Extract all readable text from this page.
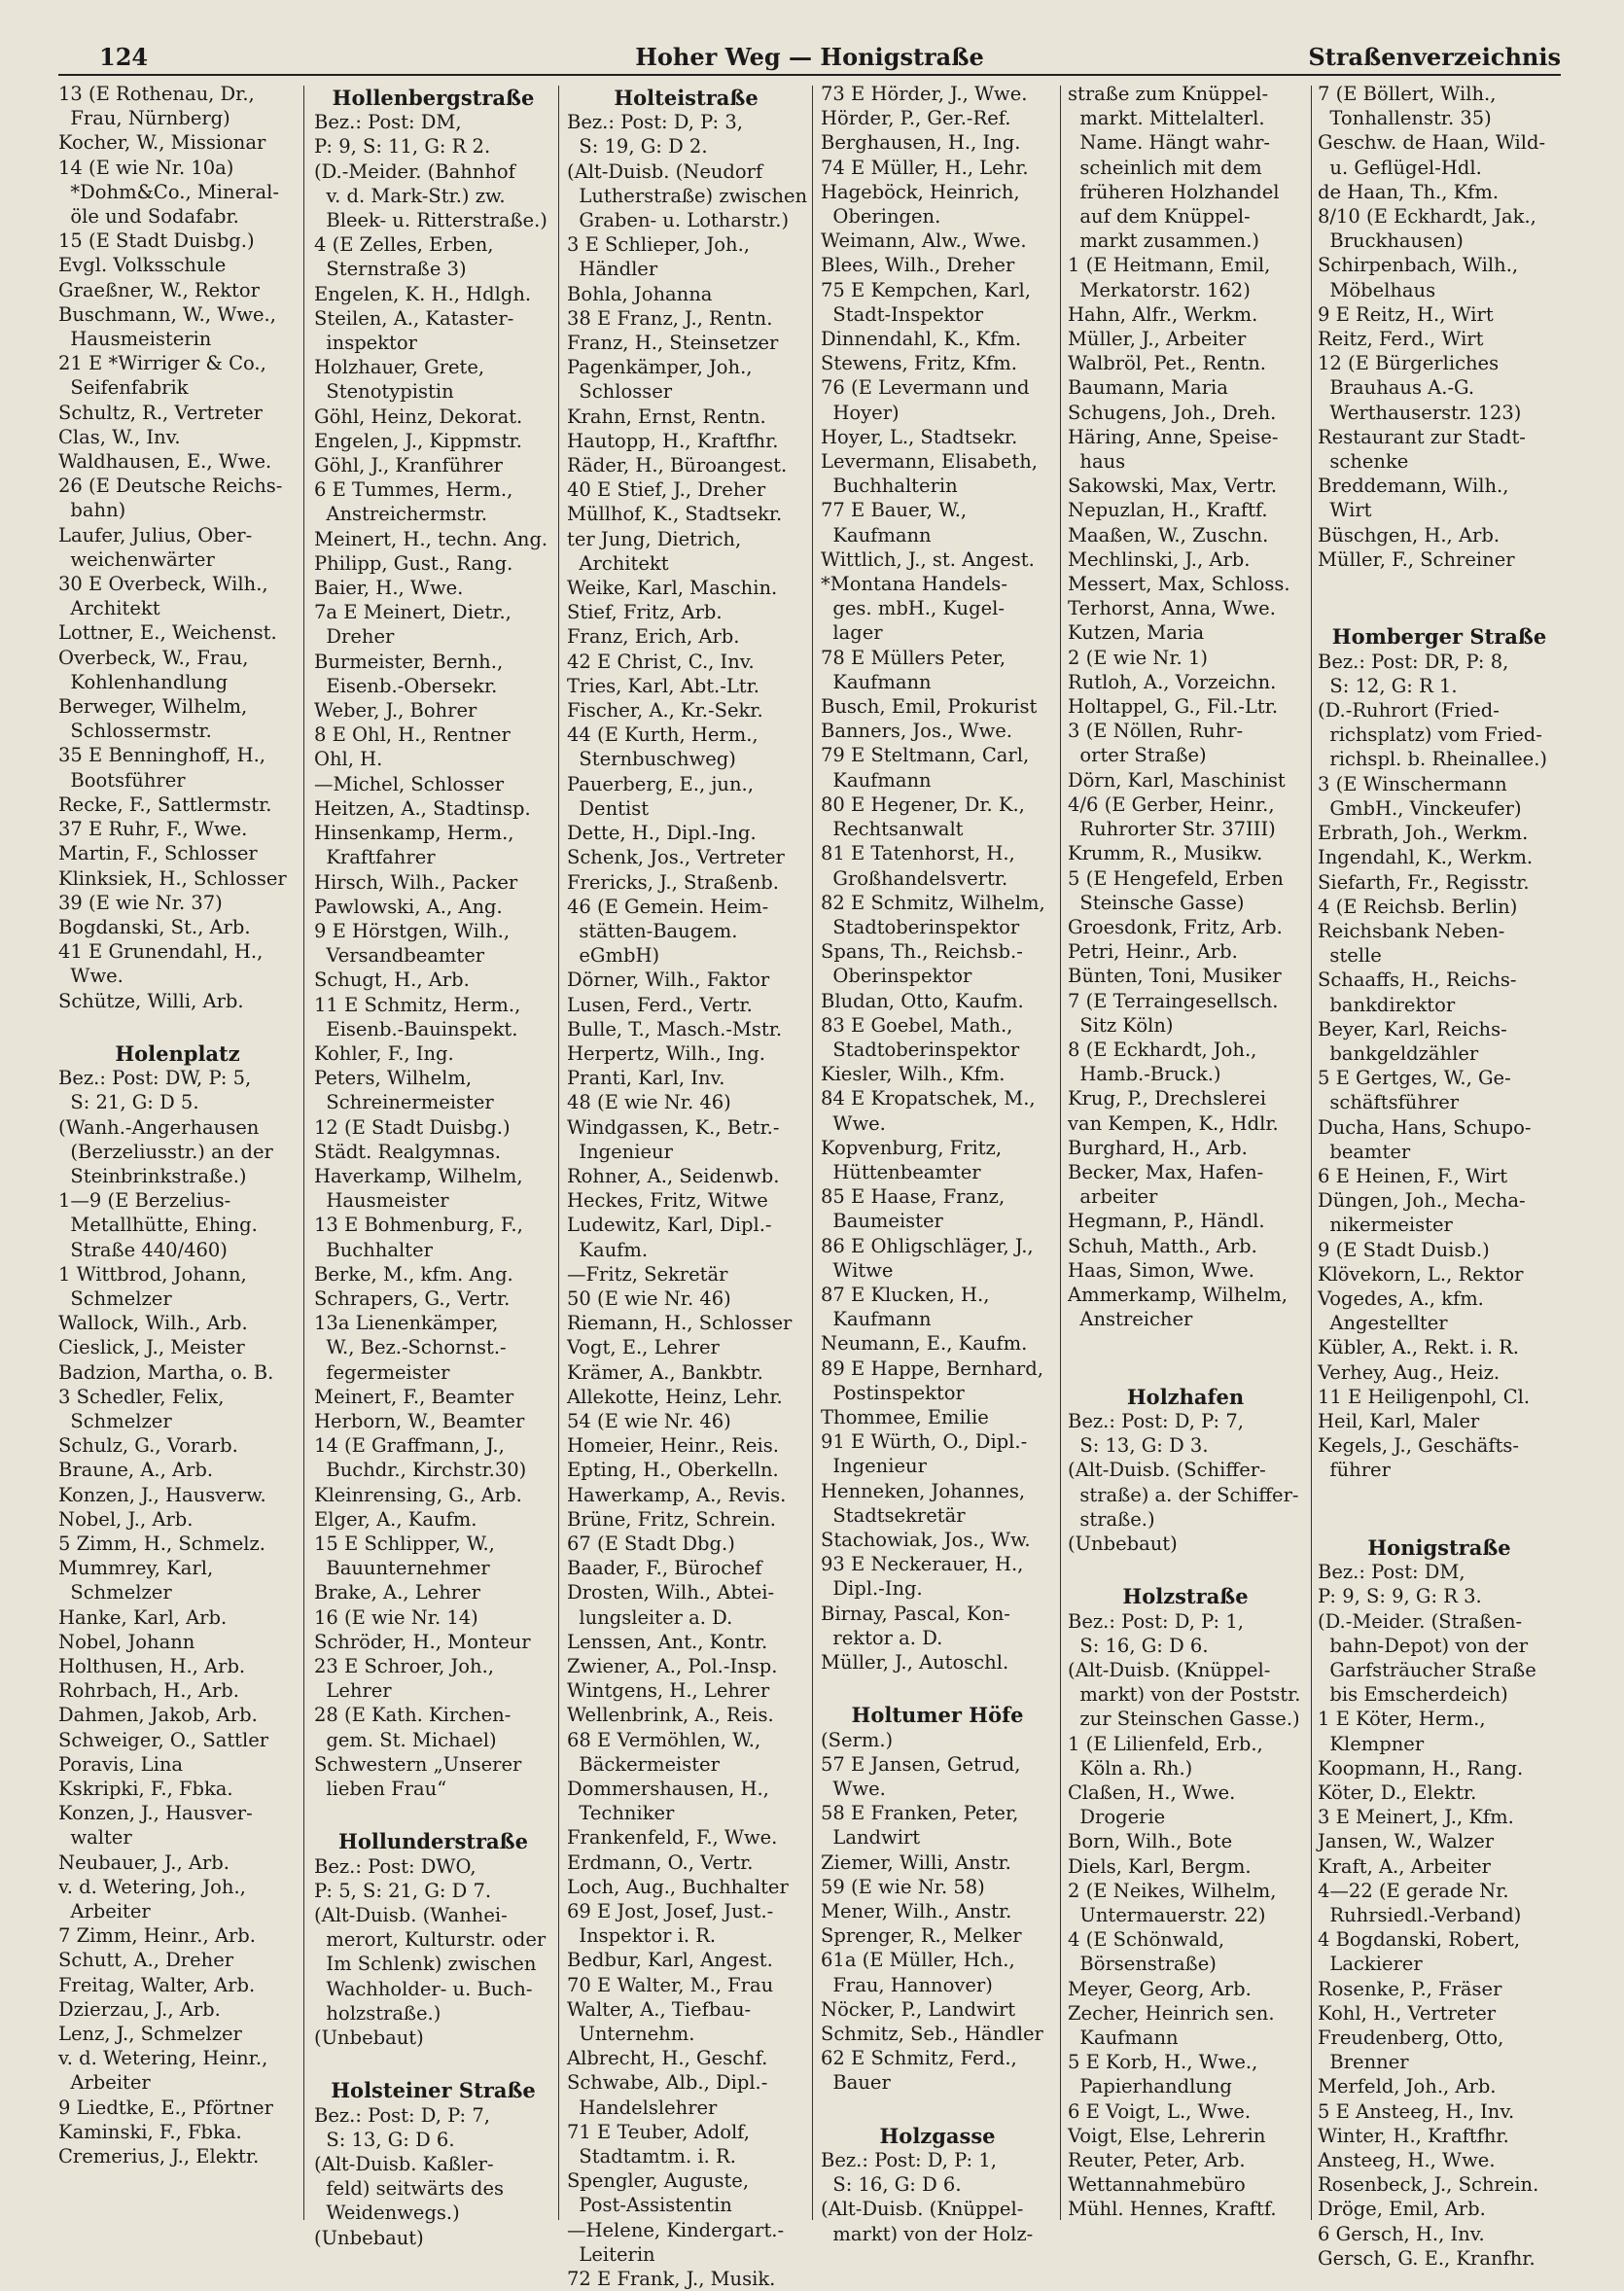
124	Hoher Weg — Honigstraße	Straßenverzeichnis
13 (E Rothenau, Dr.,
Frau, Nürnberg)
Kocher, W., Missionar
14 (E wie Nr. 10a)
*Dohm&Co., Mineral-
öle und Sodafabr.
15 (E Stadt Duisbg.)
Evgl. Volksschule
Graeßner, W., Rektor
Buschmann, W., Wwe.,
Hausmeisterin
21 E *Wirriger & Co.,
Seifenfabrik
Schultz, R., Vertreter
Clas, W., Inv.
Waldhausen, E., Wwe.
26 (E Deutsche Reichs-
bahn)
Laufer, Julius, Ober-
weichenwärter
30 E Overbeck, Wilh.,
Architekt
Lottner, E., Weichenst.
Overbeck, W., Frau,
Kohlenhandlung
Berweger, Wilhelm,
Schlossermstr.
35 E Benninghoff, H.,
Bootsführer
Recke, F., Sattlermstr.
37 E Ruhr, F., Wwe.
Martin, F., Schlosser
Klinksiek, H., Schlosser
39 (E wie Nr. 37)
Bogdanski, St., Arb.
41 E Grunendahl, H.,
Wwe.
Schütze, Willi, Arb.

Holenplatz
Bez.: Post: DW, P: 5,
S: 21, G: D 5.
(Wanh.-Angerhausen
(Berzeliusstr.) an der
Steinbrinkstraße.)
1—9 (E Berzelius-
Metallhütte, Ehing.
Straße 440/460)
1 Wittbrod, Johann,
Schmelzer
Wallock, Wilh., Arb.
Cieslick, J., Meister
Badzion, Martha, o. B.
3 Schedler, Felix,
Schmelzer
Schulz, G., Vorarb.
Braune, A., Arb.
Konzen, J., Hausverw.
Nobel, J., Arb.
5 Zimm, H., Schmelz.
Mummrey, Karl,
Schmelzer
Hanke, Karl, Arb.
Nobel, Johann
Holthusen, H., Arb.
Rohrbach, H., Arb.
Dahmen, Jakob, Arb.
Schweiger, O., Sattler
Poravis, Lina
Kskripki, F., Fbka.
Konzen, J., Hausver-
walter
Neubauer, J., Arb.
v. d. Wetering, Joh.,
Arbeiter
7 Zimm, Heinr., Arb.
Schutt, A., Dreher
Freitag, Walter, Arb.
Dzierzau, J., Arb.
Lenz, J., Schmelzer
v. d. Wetering, Heinr.,
Arbeiter
9 Liedtke, E., Pförtner
Kaminski, F., Fbka.
Cremerius, J., Elektr.
Hollenbergstraße
Bez.: Post: DM,
P: 9, S: 11, G: R 2.
(D.-Meider. (Bahnhof
v. d. Mark-Str.) zw.
Bleek- u. Ritterstraße.)
4 (E Zelles, Erben,
Sternstraße 3)
Engelen, K. H., Hdlgh.
Steilen, A., Kataster-
inspektor
Holzhauer, Grete,
Stenotypistin
Göhl, Heinz, Dekorat.
Engelen, J., Kippmstr.
Göhl, J., Kranführer
6 E Tummes, Herm.,
Anstreichermstr.
Meinert, H., techn. Ang.
Philipp, Gust., Rang.
Baier, H., Wwe.
7a E Meinert, Dietr.,
Dreher
Burmeister, Bernh.,
Eisenb.-Obersekr.
Weber, J., Bohrer
8 E Ohl, H., Rentner
Ohl, H.
—Michel, Schlosser
Heitzen, A., Stadtinsp.
Hinsenkamp, Herm.,
Kraftfahrer
Hirsch, Wilh., Packer
Pawlowski, A., Ang.
9 E Hörstgen, Wilh.,
Versandbeamter
Schugt, H., Arb.
11 E Schmitz, Herm.,
Eisenb.-Bauinspekt.
Kohler, F., Ing.
Peters, Wilhelm,
Schreinermeister
12 (E Stadt Duisbg.)
Städt. Realgymnas.
Haverkamp, Wilhelm,
Hausmeister
13 E Bohmenburg, F.,
Buchhalter
Berke, M., kfm. Ang.
Schrapers, G., Vertr.
13a Lienenkämper,
W., Bez.-Schornst.-
fegermeister
Meinert, F., Beamter
Herborn, W., Beamter
14 (E Graffmann, J.,
Buchdr., Kirchstr.30)
Kleinrensing, G., Arb.
Elger, A., Kaufm.
15 E Schlipper, W.,
Bauunternehmer
Brake, A., Lehrer
16 (E wie Nr. 14)
Schröder, H., Monteur
23 E Schroer, Joh.,
Lehrer
28 (E Kath. Kirchen-
gem. St. Michael)
Schwestern „Unserer
lieben Frau“

Hollunderstraße
Bez.: Post: DWO,
P: 5, S: 21, G: D 7.
(Alt-Duisb. (Wanhei-
merort, Kulturstr. oder
Im Schlenk) zwischen
Wachholder- u. Buch-
holzstraße.)
(Unbebaut)

Holsteiner Straße
Bez.: Post: D, P: 7,
S: 13, G: D 6.
(Alt-Duisb. Kaßler-
feld) seitwärts des
Weidenwegs.)
(Unbebaut)
Holteistraße
Bez.: Post: D, P: 3,
S: 19, G: D 2.
(Alt-Duisb. (Neudorf
Lutherstraße) zwischen
Graben- u. Lotharstr.)
3 E Schlieper, Joh.,
Händler
Bohla, Johanna
38 E Franz, J., Rentn.
Franz, H., Steinsetzer
Pagenkämper, Joh.,
Schlosser
Krahn, Ernst, Rentn.
Hautopp, H., Kraftfhr.
Räder, H., Büroangest.
40 E Stief, J., Dreher
Müllhof, K., Stadtsekr.
ter Jung, Dietrich,
Architekt
Weike, Karl, Maschin.
Stief, Fritz, Arb.
Franz, Erich, Arb.
42 E Christ, C., Inv.
Tries, Karl, Abt.-Ltr.
Fischer, A., Kr.-Sekr.
44 (E Kurth, Herm.,
Sternbuschweg)
Pauerberg, E., jun.,
Dentist
Dette, H., Dipl.-Ing.
Schenk, Jos., Vertreter
Frericks, J., Straßenb.
46 (E Gemein. Heim-
stätten-Baugem.
eGmbH)
Dörner, Wilh., Faktor
Lusen, Ferd., Vertr.
Bulle, T., Masch.-Mstr.
Herpertz, Wilh., Ing.
Pranti, Karl, Inv.
48 (E wie Nr. 46)
Windgassen, K., Betr.-
Ingenieur
Rohner, A., Seidenwb.
Heckes, Fritz, Witwe
Ludewitz, Karl, Dipl.-
Kaufm.
—Fritz, Sekretär
50 (E wie Nr. 46)
Riemann, H., Schlosser
Vogt, E., Lehrer
Krämer, A., Bankbtr.
Allekotte, Heinz, Lehr.
54 (E wie Nr. 46)
Homeier, Heinr., Reis.
Epting, H., Oberkelln.
Hawerkamp, A., Revis.
Brüne, Fritz, Schrein.
67 (E Stadt Dbg.)
Baader, F., Bürochef
Drosten, Wilh., Abtei-
lungsleiter a. D.
Lenssen, Ant., Kontr.
Zwiener, A., Pol.-Insp.
Wintgens, H., Lehrer
Wellenbrink, A., Reis.
68 E Vermöhlen, W.,
Bäckermeister
Dommershausen, H.,
Techniker
Frankenfeld, F., Wwe.
Erdmann, O., Vertr.
Loch, Aug., Buchhalter
69 E Jost, Josef, Just.-
Inspektor i. R.
Bedbur, Karl, Angest.
70 E Walter, M., Frau
Walter, A., Tiefbau-
Unternehm.
Albrecht, H., Geschf.
Schwabe, Alb., Dipl.-
Handelslehrer
71 E Teuber, Adolf,
Stadtamtm. i. R.
Spengler, Auguste,
Post-Assistentin
—Helene, Kindergart.-
Leiterin
72 E Frank, J., Musik.
73 E Hörder, J., Wwe.
Hörder, P., Ger.-Ref.
Berghausen, H., Ing.
74 E Müller, H., Lehr.
Hageböck, Heinrich,
Oberingen.
Weimann, Alw., Wwe.
Blees, Wilh., Dreher
75 E Kempchen, Karl,
Stadt-Inspektor
Dinnendahl, K., Kfm.
Stewens, Fritz, Kfm.
76 (E Levermann und
Hoyer)
Hoyer, L., Stadtsekr.
Levermann, Elisabeth,
Buchhalterin
77 E Bauer, W.,
Kaufmann
Wittlich, J., st. Angest.
*Montana Handels-
ges. mbH., Kugel-
lager
78 E Müllers Peter,
Kaufmann
Busch, Emil, Prokurist
Banners, Jos., Wwe.
79 E Steltmann, Carl,
Kaufmann
80 E Hegener, Dr. K.,
Rechtsanwalt
81 E Tatenhorst, H.,
Großhandelsvertr.
82 E Schmitz, Wilhelm,
Stadtoberinspektor
Spans, Th., Reichsb.-
Oberinspektor
Bludan, Otto, Kaufm.
83 E Goebel, Math.,
Stadtoberinspektor
Kiesler, Wilh., Kfm.
84 E Kropatschek, M.,
Wwe.
Kopvenburg, Fritz,
Hüttenbeamter
85 E Haase, Franz,
Baumeister
86 E Ohligschläger, J.,
Witwe
87 E Klucken, H.,
Kaufmann
Neumann, E., Kaufm.
89 E Happe, Bernhard,
Postinspektor
Thommee, Emilie
91 E Würth, O., Dipl.-
Ingenieur
Henneken, Johannes,
Stadtsekretär
Stachowiak, Jos., Ww.
93 E Neckerauer, H.,
Dipl.-Ing.
Birnay, Pascal, Kon-
rektor a. D.
Müller, J., Autoschl.

Holtumer Höfe
(Serm.)
57 E Jansen, Getrud,
Wwe.
58 E Franken, Peter,
Landwirt
Ziemer, Willi, Anstr.
59 (E wie Nr. 58)
Mener, Wilh., Anstr.
Sprenger, R., Melker
61a (E Müller, Hch.,
Frau, Hannover)
Nöcker, P., Landwirt
Schmitz, Seb., Händler
62 E Schmitz, Ferd.,
Bauer

Holzgasse
Bez.: Post: D, P: 1,
S: 16, G: D 6.
(Alt-Duisb. (Knüppel-
markt) von der Holz-
straße zum Knüppel-
markt. Mittelalterl.
Name. Hängt wahr-
scheinlich mit dem
früheren Holzhandel
auf dem Knüppel-
markt zusammen.)
1 (E Heitmann, Emil,
Merkatorstr. 162)
Hahn, Alfr., Werkm.
Müller, J., Arbeiter
Walbröl, Pet., Rentn.
Baumann, Maria
Schugens, Joh., Dreh.
Häring, Anne, Speise-
haus
Sakowski, Max, Vertr.
Nepuzlan, H., Kraftf.
Maaßen, W., Zuschn.
Mechlinski, J., Arb.
Messert, Max, Schloss.
Terhorst, Anna, Wwe.
Kutzen, Maria
2 (E wie Nr. 1)
Rutloh, A., Vorzeichn.
Holtappel, G., Fil.-Ltr.
3 (E Nöllen, Ruhr-
orter Straße)
Dörn, Karl, Maschinist
4/6 (E Gerber, Heinr.,
Ruhrorter Str. 37III)
Krumm, R., Musikw.
5 (E Hengefeld, Erben
Steinsche Gasse)
Groesdonk, Fritz, Arb.
Petri, Heinr., Arb.
Bünten, Toni, Musiker
7 (E Terraingesellsch.
Sitz Köln)
8 (E Eckhardt, Joh.,
Hamb.-Bruck.)
Krug, P., Drechslerei
van Kempen, K., Hdlr.
Burghard, H., Arb.
Becker, Max, Hafen-
arbeiter
Hegmann, P., Händl.
Schuh, Matth., Arb.
Haas, Simon, Wwe.
Ammerkamp, Wilhelm,
Anstreicher

Holzhafen
Bez.: Post: D, P: 7,
S: 13, G: D 3.
(Alt-Duisb. (Schiffer-
straße) a. der Schiffer-
straße.)
(Unbebaut)

Holzstraße
Bez.: Post: D, P: 1,
S: 16, G: D 6.
(Alt-Duisb. (Knüppel-
markt) von der Poststr.
zur Steinschen Gasse.)
1 (E Lilienfeld, Erb.,
Köln a. Rh.)
Claßen, H., Wwe.
Drogerie
Born, Wilh., Bote
Diels, Karl, Bergm.
2 (E Neikes, Wilhelm,
Untermauerstr. 22)
4 (E Schönwald,
Börsenstraße)
Meyer, Georg, Arb.
Zecher, Heinrich sen.
Kaufmann
5 E Korb, H., Wwe.,
Papierhandlung
6 E Voigt, L., Wwe.
Voigt, Else, Lehrerin
Reuter, Peter, Arb.
Wettannahmebüro
Mühl. Hennes, Kraftf.
7 (E Böllert, Wilh.,
Tonhallenstr. 35)
Geschw. de Haan, Wild-
u. Geflügel-Hdl.
de Haan, Th., Kfm.
8/10 (E Eckhardt, Jak.,
Bruckhausen)
Schirpenbach, Wilh.,
Möbelhaus
9 E Reitz, H., Wirt
Reitz, Ferd., Wirt
12 (E Bürgerliches
Brauhaus A.-G.
Werthauserstr. 123)
Restaurant zur Stadt-
schenke
Breddemann, Wilh.,
Wirt
Büschgen, H., Arb.
Müller, F., Schreiner

Homberger Straße
Bez.: Post: DR, P: 8,
S: 12, G: R 1.
(D.-Ruhrort (Fried-
richsplatz) vom Fried-
richspl. b. Rheinallee.)
3 (E Winschermann
GmbH., Vinckeufer)
Erbrath, Joh., Werkm.
Ingendahl, K., Werkm.
Siefarth, Fr., Regisstr.
4 (E Reichsb. Berlin)
Reichsbank Neben-
stelle
Schaaffs, H., Reichs-
bankdirektor
Beyer, Karl, Reichs-
bankgeldzähler
5 E Gertges, W., Ge-
schäftsführer
Ducha, Hans, Schupo-
beamter
6 E Heinen, F., Wirt
Düngen, Joh., Mecha-
nikermeister
9 (E Stadt Duisb.)
Klövekorn, L., Rektor
Vogedes, A., kfm.
Angestellter
Kübler, A., Rekt. i. R.
Verhey, Aug., Heiz.
11 E Heiligenpohl, Cl.
Heil, Karl, Maler
Kegels, J., Geschäfts-
führer

Honigstraße
Bez.: Post: DM,
P: 9, S: 9, G: R 3.
(D.-Meider. (Straßen-
bahn-Depot) von der
Garfsträucher Straße
bis Emscherdeich)
1 E Köter, Herm.,
Klempner
Koopmann, H., Rang.
Köter, D., Elektr.
3 E Meinert, J., Kfm.
Jansen, W., Walzer
Kraft, A., Arbeiter
4—22 (E gerade Nr.
Ruhrsiedl.-Verband)
4 Bogdanski, Robert,
Lackierer
Rosenke, P., Fräser
Kohl, H., Vertreter
Freudenberg, Otto,
Brenner
Merfeld, Joh., Arb.
5 E Ansteeg, H., Inv.
Winter, H., Kraftfhr.
Ansteeg, H., Wwe.
Rosenbeck, J., Schrein.
Dröge, Emil, Arb.
6 Gersch, H., Inv.
Gersch, G. E., Kranfhr.
